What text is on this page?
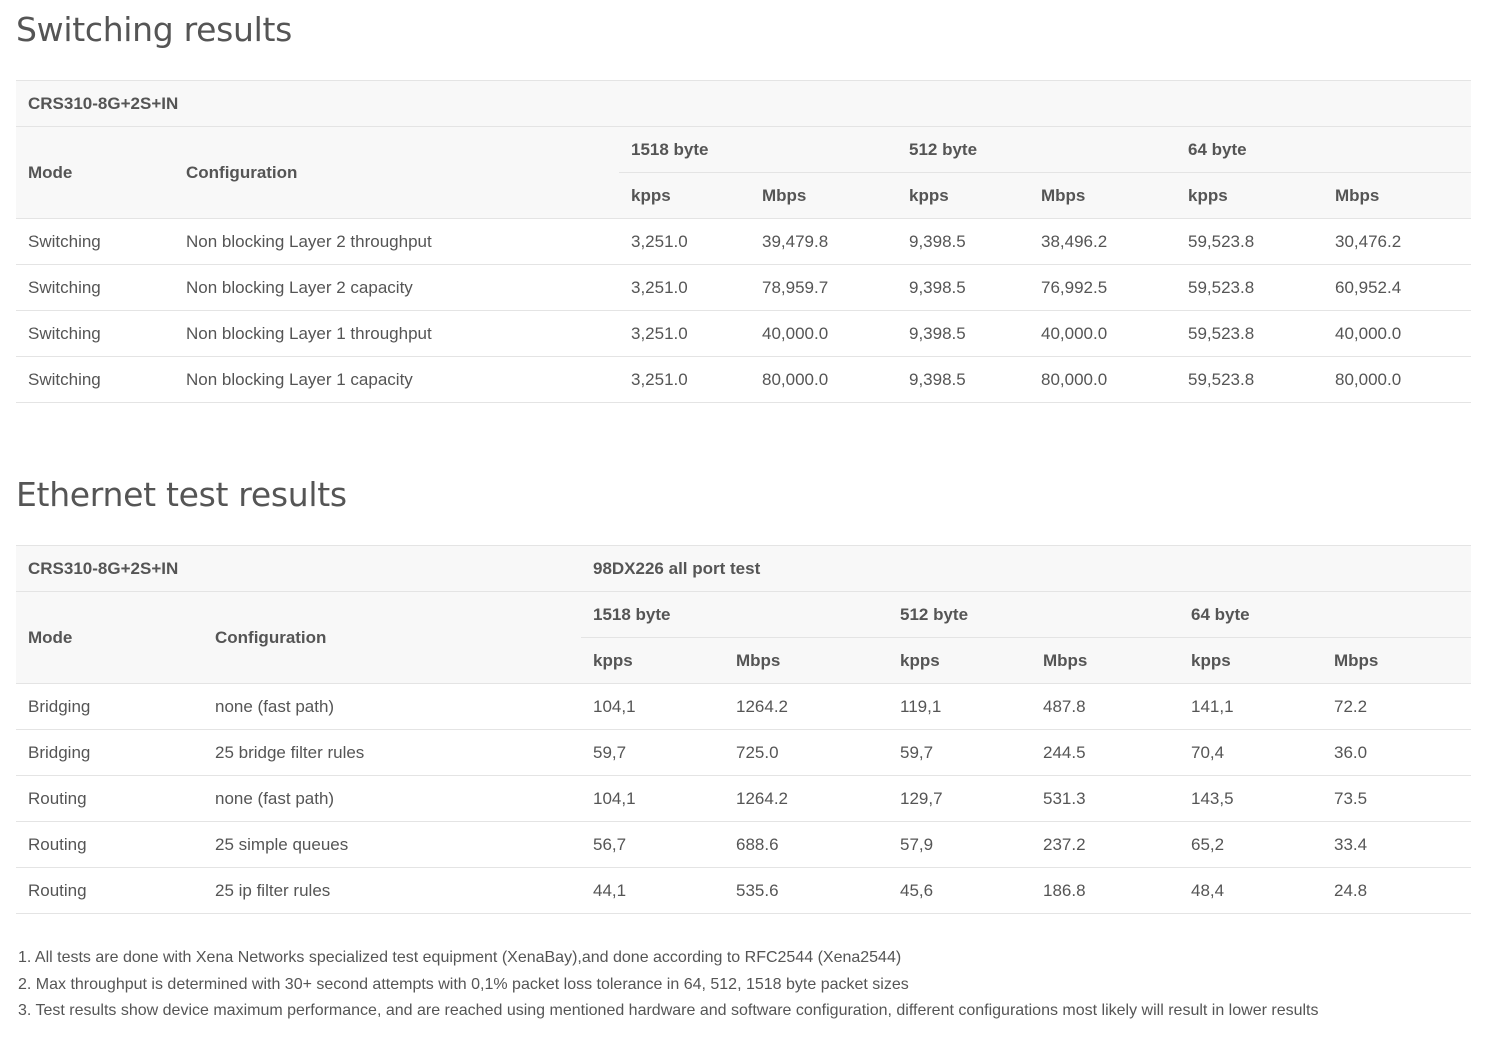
Switching results
CRS310-8G+2S+IN							
Mode	Configuration	1518 byte		512 byte		64 byte	
		kpps	Mbps	kpps	Mbps	kpps	Mbps
Switching	Non blocking Layer 2 throughput	3,251.0	39,479.8	9,398.5	38,496.2	59,523.8	30,476.2
Switching	Non blocking Layer 2 capacity	3,251.0	78,959.7	9,398.5	76,992.5	59,523.8	60,952.4
Switching	Non blocking Layer 1 throughput	3,251.0	40,000.0	9,398.5	40,000.0	59,523.8	40,000.0
Switching	Non blocking Layer 1 capacity	3,251.0	80,000.0	9,398.5	80,000.0	59,523.8	80,000.0
Ethernet test results
CRS310-8G+2S+IN		98DX226 all port test					
Mode	Configuration	1518 byte		512 byte		64 byte	
		kpps	Mbps	kpps	Mbps	kpps	Mbps
Bridging	none (fast path)	104,1	1264.2	119,1	487.8	141,1	72.2
Bridging	25 bridge filter rules	59,7	725.0	59,7	244.5	70,4	36.0
Routing	none (fast path)	104,1	1264.2	129,7	531.3	143,5	73.5
Routing	25 simple queues	56,7	688.6	57,9	237.2	65,2	33.4
Routing	25 ip filter rules	44,1	535.6	45,6	186.8	48,4	24.8
1. All tests are done with Xena Networks specialized test equipment (XenaBay),and done according to RFC2544 (Xena2544)
2. Max throughput is determined with 30+ second attempts with 0,1% packet loss tolerance in 64, 512, 1518 byte packet sizes
3. Test results show device maximum performance, and are reached using mentioned hardware and software configuration, different configurations most likely will result in lower results
